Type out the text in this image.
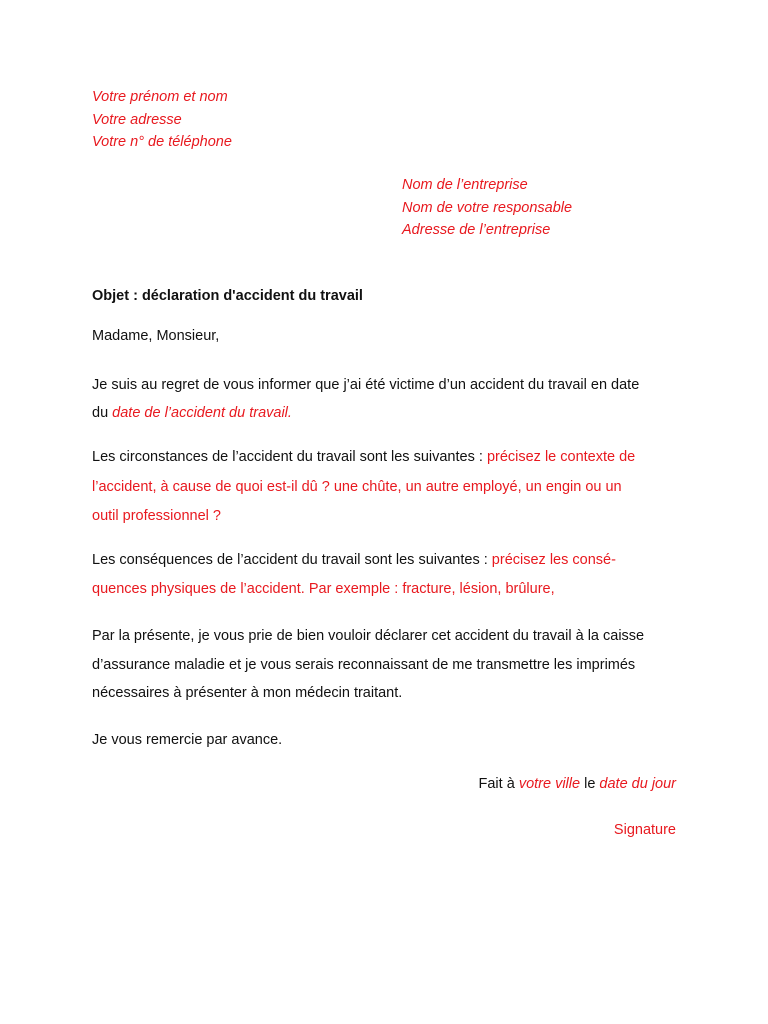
Votre prénom et nom

Votre adresse

Votre n° de téléphone

Nom de l’entreprise

Nom de votre responsable

Adresse de l’entreprise

Objet : déclaration d'accident du travail

Madame, Monsieur,

Je suis au regret de vous informer que j’ai été victime d’un accident du travail en date

du date de l’accident du travail.

Les circonstances de l’accident du travail sont les suivantes : précisez le contexte de

l’accident, à cause de quoi est-il dû ? une chûte, un autre employé, un engin ou un

outil professionnel ?

Les conséquences de l’accident du travail sont les suivantes : précisez les consé-

quences physiques de l’accident. Par exemple : fracture, lésion, brûlure,

Par la présente, je vous prie de bien vouloir déclarer cet accident du travail à la caisse

d’assurance maladie et je vous serais reconnaissant de me transmettre les imprimés

nécessaires à présenter à mon médecin traitant.

Je vous remercie par avance.

Fait à votre ville le date du jour

Signature
